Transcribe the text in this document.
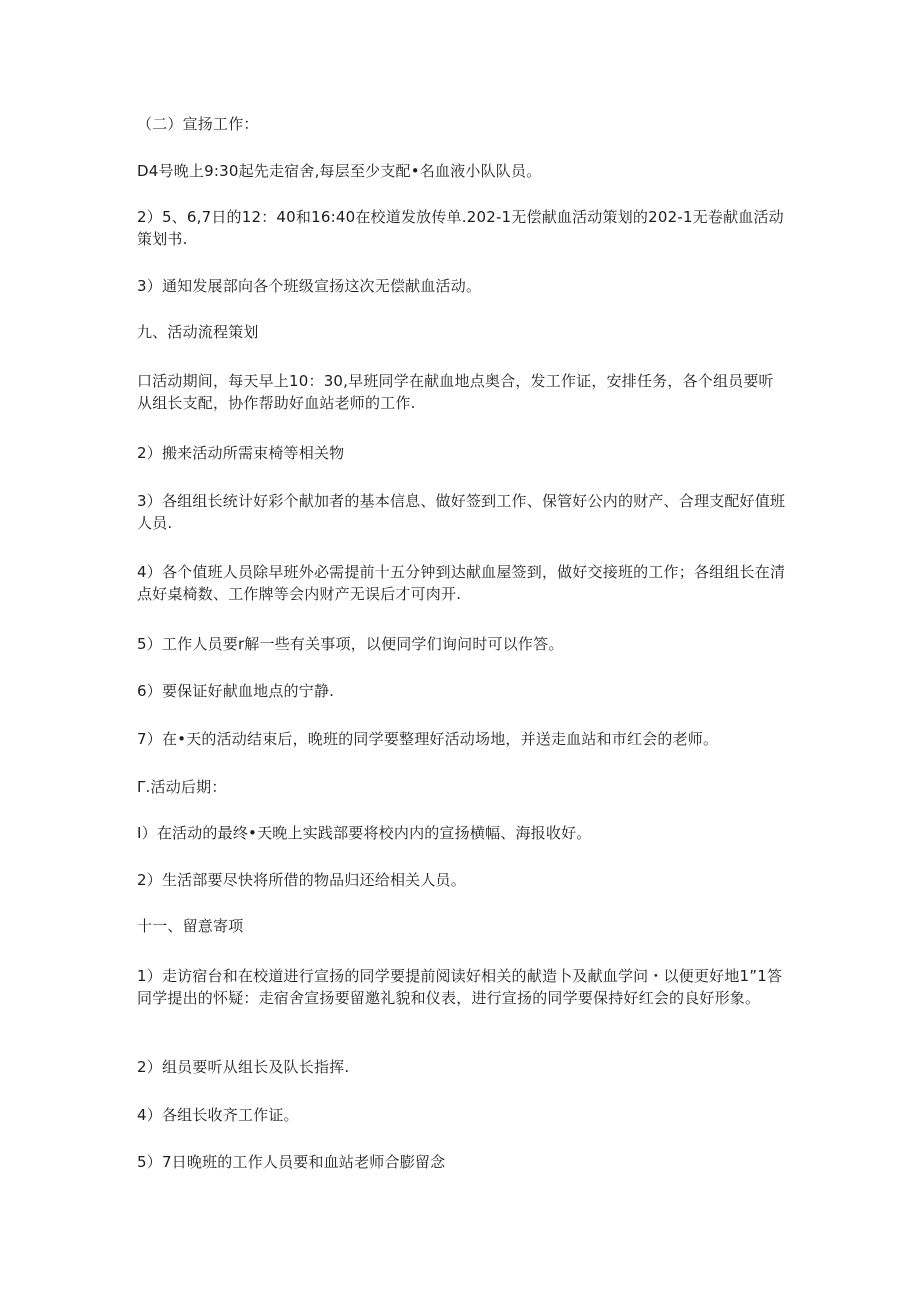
（二）宣扬工作：
D4号晚上9:30起先走宿舍,每层至少支配•名血液小队队员。
2）5、6,7日的12：40和16:40在校道发放传单.202-1无偿献血活动策划的202-1无卷献血活动策划书.
3）通知发展部向各个班级宣扬这次无偿献血活动。
九、活动流程策划
口活动期间，每天早上10：30,早班同学在献血地点奥合，发工作证，安排任务，各个组员要听从组长支配，协作帮助好血站老师的工作.
2）搬来活动所需束椅等相关物
3）各组组长统计好彩个献加者的基本信息、做好签到工作、保管好公内的财产、合理支配好值班人员.
4）各个值班人员除早班外必需提前十五分钟到达献血屋签到，做好交接班的工作；各组组长在清点好桌椅数、工作牌等会内财产无误后才可肉开.
5）工作人员要r解一些有关事项，以便同学们询问时可以作答。
6）要保证好献血地点的宁静.
7）在•天的活动结束后，晚班的同学要整理好活动场地，并送走血站和市红会的老师。
Γ.活动后期：
I）在活动的最终•天晚上实践部要将校内内的宣扬横幅、海报收好。
2）生活部要尽快将所借的物品归还给相关人员。
十一、留意寄项
1）走访宿台和在校道进行宣扬的同学要提前阅读好相关的献造卜及献血学问・以便更好地1”1答同学提出的怀疑：走宿舍宣扬要留邀礼貌和仪表，进行宣扬的同学要保持好红会的良好形象。
2）组员要听从组长及队长指挥.
4）各组长收齐工作证。
5）7日晚班的工作人员要和血站老师合膨留念
